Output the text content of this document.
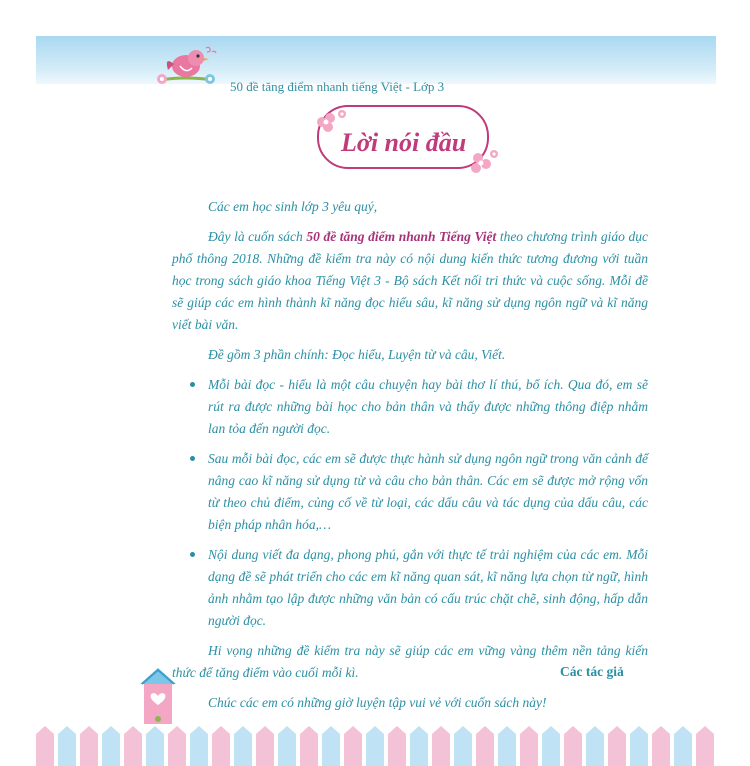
50 đề tăng điểm nhanh tiếng Việt - Lớp 3
Lời nói đầu

Các em học sinh lớp 3 yêu quý,

Đây là cuốn sách 50 đề tăng điểm nhanh Tiếng Việt theo chương trình giáo dục phổ thông 2018. Những đề kiểm tra này có nội dung kiến thức tương đương với tuần học trong sách giáo khoa Tiếng Việt 3 - Bộ sách Kết nối tri thức và cuộc sống. Mỗi đề sẽ giúp các em hình thành kĩ năng đọc hiểu sâu, kĩ năng sử dụng ngôn ngữ và kĩ năng viết bài văn.

Đề gồm 3 phần chính: Đọc hiểu, Luyện từ và câu, Viết.

Mỗi bài đọc - hiểu là một câu chuyện hay bài thơ lí thú, bổ ích. Qua đó, em sẽ rút ra được những bài học cho bản thân và thấy được những thông điệp nhằm lan tỏa đến người đọc.
Sau mỗi bài đọc, các em sẽ được thực hành sử dụng ngôn ngữ trong văn cảnh để nâng cao kĩ năng sử dụng từ và câu cho bản thân. Các em sẽ được mở rộng vốn từ theo chủ điểm, củng cố về từ loại, các dấu câu và tác dụng của dấu câu, các biện pháp nhân hóa,…
Nội dung viết đa dạng, phong phú, gắn với thực tế trải nghiệm của các em. Mỗi dạng đề sẽ phát triển cho các em kĩ năng quan sát, kĩ năng lựa chọn từ ngữ, hình ảnh nhằm tạo lập được những văn bản có cấu trúc chặt chẽ, sinh động, hấp dẫn người đọc.

Hi vọng những đề kiểm tra này sẽ giúp các em vững vàng thêm nền tảng kiến thức để tăng điểm vào cuối mỗi kì.

Chúc các em có những giờ luyện tập vui vẻ với cuốn sách này!

Các tác giả
